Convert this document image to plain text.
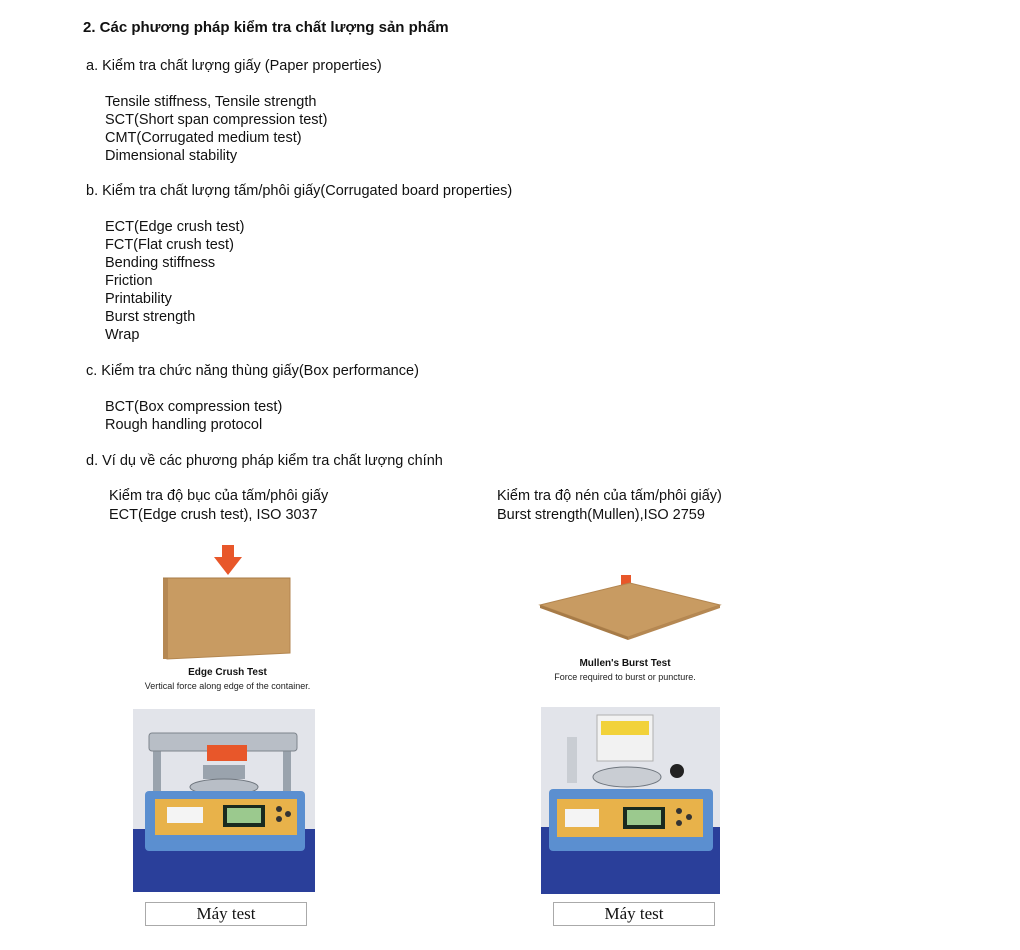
2. Các phương pháp kiểm tra chất lượng sản phẩm
a. Kiểm tra chất lượng giấy (Paper properties)
Tensile stiffness, Tensile strength
SCT(Short span compression test)
CMT(Corrugated medium test)
Dimensional stability
b. Kiểm tra chất lượng tấm/phôi giấy(Corrugated board properties)
ECT(Edge crush test)
FCT(Flat crush test)
Bending stiffness
Friction
Printability
Burst strength
Wrap
c. Kiểm tra chức năng thùng giấy(Box performance)
BCT(Box compression test)
Rough handling protocol
d. Ví dụ về các phương pháp kiểm tra chất lượng chính
Kiểm tra độ bục của tấm/phôi giấy
ECT(Edge crush test), ISO 3037
Kiểm tra độ nén của tấm/phôi giấy)
Burst strength(Mullen),ISO 2759
Edge Crush Test
Vertical force along edge of the container.
Mullen's Burst Test
Force required to burst or puncture.
Máy test	Máy test
